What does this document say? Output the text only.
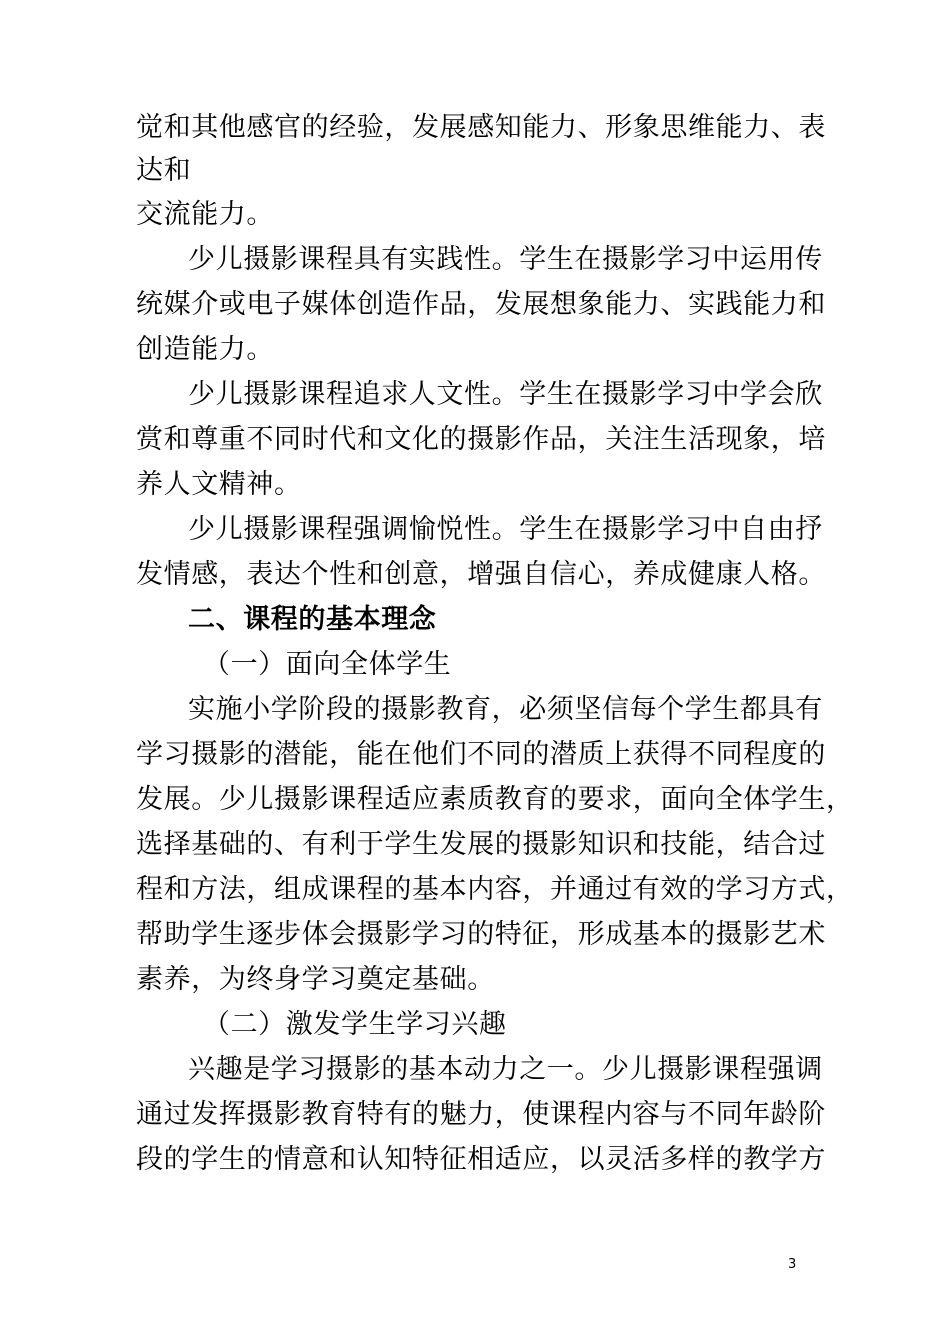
觉和其他感官的经验，发展感知能力、形象思维能力、表
达和
交流能力。
少儿摄影课程具有实践性。学生在摄影学习中运用传
统媒介或电子媒体创造作品，发展想象能力、实践能力和
创造能力。
少儿摄影课程追求人文性。学生在摄影学习中学会欣
赏和尊重不同时代和文化的摄影作品，关注生活现象，培
养人文精神。
少儿摄影课程强调愉悦性。学生在摄影学习中自由抒
发情感，表达个性和创意，增强自信心，养成健康人格。
二、课程的基本理念
（一）面向全体学生
实施小学阶段的摄影教育，必须坚信每个学生都具有
学习摄影的潜能，能在他们不同的潜质上获得不同程度的
发展。少儿摄影课程适应素质教育的要求，面向全体学生，
选择基础的、有利于学生发展的摄影知识和技能，结合过
程和方法，组成课程的基本内容，并通过有效的学习方式，
帮助学生逐步体会摄影学习的特征，形成基本的摄影艺术
素养，为终身学习奠定基础。
（二）激发学生学习兴趣
兴趣是学习摄影的基本动力之一。少儿摄影课程强调
通过发挥摄影教育特有的魅力，使课程内容与不同年龄阶
段的学生的情意和认知特征相适应，以灵活多样的教学方
3
